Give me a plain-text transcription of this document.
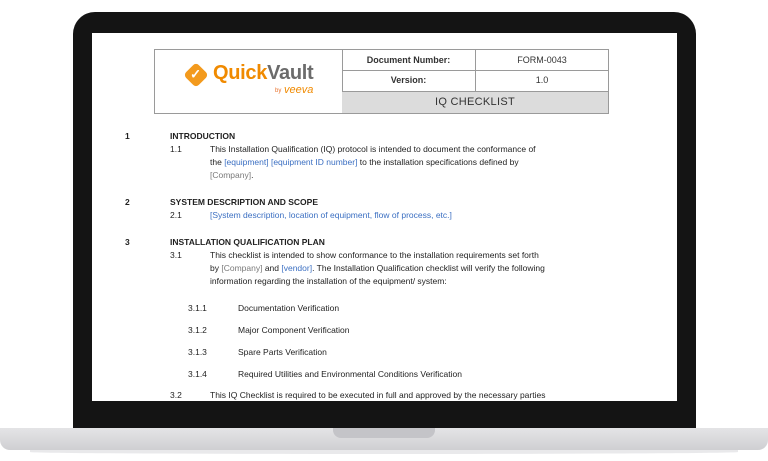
✓ QuickVault
by veeva
Document Number:	FORM-0043
Version:	1.0
IQ CHECKLIST
1	INTRODUCTION
1.1	This Installation Qualification (IQ) protocol is intended to document the conformance of
the [equipment] [equipment ID number] to the installation specifications defined by
[Company].
2	SYSTEM DESCRIPTION AND SCOPE
2.1	[System description, location of equipment, flow of process, etc.]
3	INSTALLATION QUALIFICATION PLAN
3.1	This checklist is intended to show conformance to the installation requirements set forth
by [Company] and [vendor]. The Installation Qualification checklist will verify the following
information regarding the installation of the equipment/ system:
3.1.1	Documentation Verification
3.1.2	Major Component Verification
3.1.3	Spare Parts Verification
3.1.4	Required Utilities and Environmental Conditions Verification
3.2	This IQ Checklist is required to be executed in full and approved by the necessary parties
